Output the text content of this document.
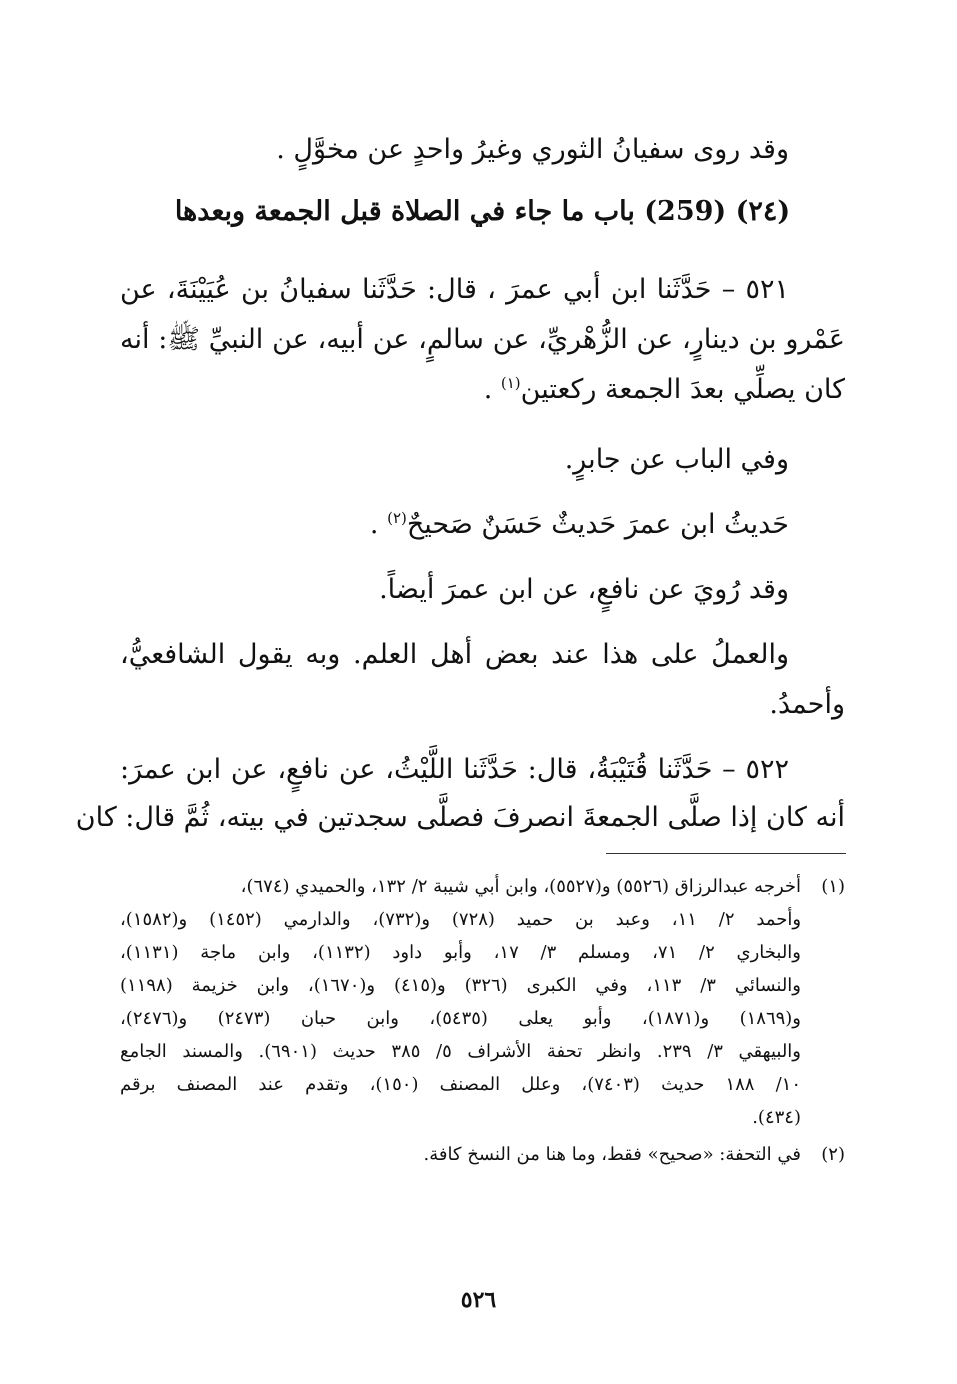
وقد روى سفيانُ الثوري وغيرُ واحدٍ عن مخوَّلٍ .
(٢٤) (259) باب ما جاء في الصلاة قبل الجمعة وبعدها
٥٢١ – حَدَّثَنا ابن أبي عمرَ ، قال: حَدَّثَنا سفيانُ بن عُيَيْنَةَ، عن
عَمْرو بن دينارٍ، عن الزُّهْريِّ، عن سالمٍ، عن أبيه، عن النبيِّ ﷺ: أنه
كان يصلِّي بعدَ الجمعة ركعتين$^{(١)}$ .
وفي الباب عن جابرٍ.
حَديثُ ابن عمرَ حَديثٌ حَسَنٌ صَحيحٌ$^{(٢)}$ .
وقد رُويَ عن نافعٍ، عن ابن عمرَ أيضاً.
والعملُ على هذا عند بعض أهل العلم. وبه يقول الشافعيُّ،
وأحمدُ.
٥٢٢ – حَدَّثَنا قُتَيْبَةُ، قال: حَدَّثَنا اللَّيْثُ، عن نافعٍ، عن ابن عمرَ:
أنه كان إذا صلَّى الجمعةَ انصرفَ فصلَّى سجدتين في بيته، ثُمَّ قال: كان
(١)أخرجه عبدالرزاق (٥٥٢٦) و(٥٥٢٧)، وابن أبي شيبة ٢/ ١٣٢، والحميدي (٦٧٤)،
وأحمد ٢/ ١١، وعبد بن حميد (٧٢٨) و(٧٣٢)، والدارمي (١٤٥٢) و(١٥٨٢)،
والبخاري ٢/ ٧١، ومسلم ٣/ ١٧، وأبو داود (١١٣٢)، وابن ماجة (١١٣١)،
والنسائي ٣/ ١١٣، وفي الكبرى (٣٢٦) و(٤١٥) و(١٦٧٠)، وابن خزيمة (١١٩٨)
و(١٨٦٩) و(١٨٧١)، وأبو يعلى (٥٤٣٥)، وابن حبان (٢٤٧٣) و(٢٤٧٦)،
والبيهقي ٣/ ٢٣٩. وانظر تحفة الأشراف ٥/ ٣٨٥ حديث (٦٩٠١). والمسند الجامع
١٠/ ١٨٨ حديث (٧٤٠٣)، وعلل المصنف (١٥٠)، وتقدم عند المصنف برقم
(٤٣٤).
(٢)في التحفة: «صحيح» فقط، وما هنا من النسخ كافة.
٥٢٦
